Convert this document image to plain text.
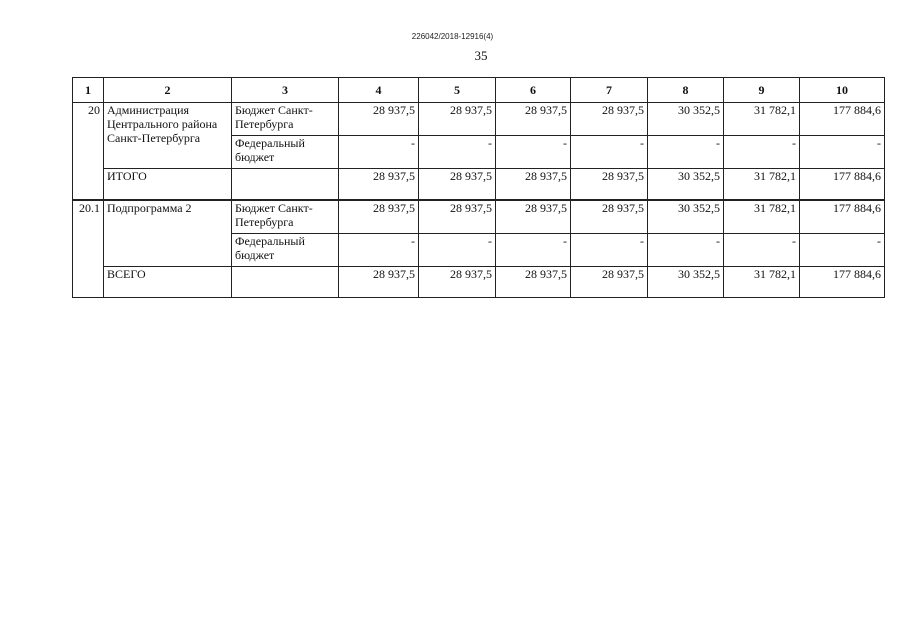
226042/2018-12916(4)
35
1	2	3	4	5	6	7	8	9	10
20	Администрация Центрального района Санкт-Петербурга	Бюджет Санкт-Петербурга	28 937,5	28 937,5	28 937,5	28 937,5	30 352,5	31 782,1	177 884,6
		Федеральный бюджет	-	-	-	-	-	-	-
	ИТОГО		28 937,5	28 937,5	28 937,5	28 937,5	30 352,5	31 782,1	177 884,6
20.1	Подпрограмма 2	Бюджет Санкт-Петербурга	28 937,5	28 937,5	28 937,5	28 937,5	30 352,5	31 782,1	177 884,6
		Федеральный бюджет	-	-	-	-	-	-	-
	ВСЕГО		28 937,5	28 937,5	28 937,5	28 937,5	30 352,5	31 782,1	177 884,6
